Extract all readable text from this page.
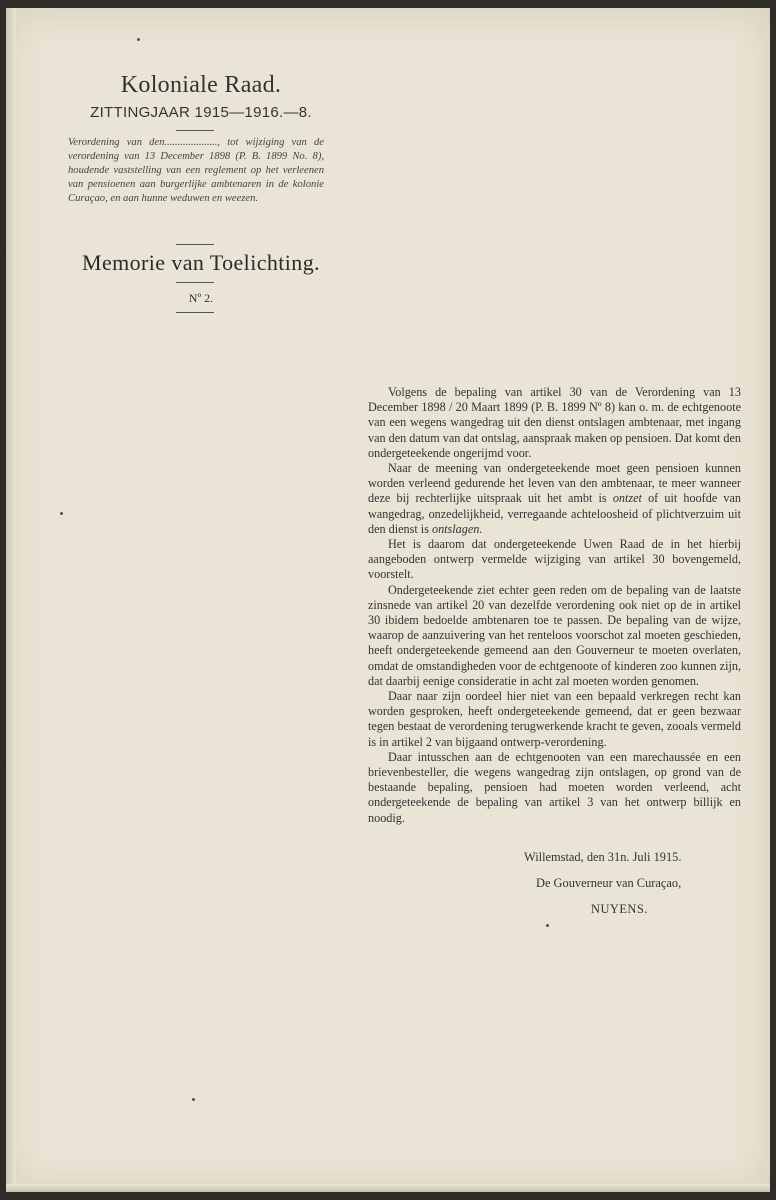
Koloniale Raad.
ZITTINGJAAR 1915—1916.—8.
Verordening van den...................., tot wijziging van de verordening van 13 December 1898 (P. B. 1899 No. 8), houdende vaststelling van een reglement op het verleenen van pensioenen aan burgerlijke ambtenaren in de kolonie Curaçao, en aan hunne weduwen en weezen.
Memorie van Toelichting.
Nº 2.

Volgens de bepaling van artikel 30 van de Verordening van 13 December 1898 / 20 Maart 1899 (P. B. 1899 Nº 8) kan o. m. de echtgenoote van een wegens wangedrag uit den dienst ontslagen ambtenaar, met ingang van den datum van dat ontslag, aanspraak maken op pensioen. Dat komt den ondergeteekende ongerijmd voor.

Naar de meening van ondergeteekende moet geen pensioen kunnen worden verleend gedurende het leven van den ambtenaar, te meer wanneer deze bij rechterlijke uitspraak uit het ambt is ontzet of uit hoofde van wangedrag, onzedelijkheid, verregaande achteloosheid of plichtverzuim uit den dienst is ontslagen.

Het is daarom dat ondergeteekende Uwen Raad de in het hierbij aangeboden ontwerp vermelde wijziging van artikel 30 bovengemeld, voorstelt.

Ondergeteekende ziet echter geen reden om de bepaling van de laatste zinsnede van artikel 20 van dezelfde verordening ook niet op de in artikel 30 ibidem bedoelde ambtenaren toe te passen. De bepaling van de wijze, waarop de aanzuivering van het renteloos voorschot zal moeten geschieden, heeft ondergeteekende gemeend aan den Gouverneur te moeten overlaten, omdat de omstandigheden voor de echtgenoote of kinderen zoo kunnen zijn, dat daarbij eenige consideratie in acht zal moeten worden genomen.

Daar naar zijn oordeel hier niet van een bepaald verkregen recht kan worden gesproken, heeft ondergeteekende gemeend, dat er geen bezwaar tegen bestaat de verordening terugwerkende kracht te geven, zooals vermeld is in artikel 2 van bijgaand ontwerp-verordening.

Daar intusschen aan de echtgenooten van een marechaussée en een brievenbesteller, die wegens wangedrag zijn ontslagen, op grond van de bestaande bepaling, pensioen had moeten worden verleend, acht ondergeteekende de bepaling van artikel 3 van het ontwerp billijk en noodig.

Willemstad, den 31n. Juli 1915.
De Gouverneur van Curaçao,
NUYENS.
